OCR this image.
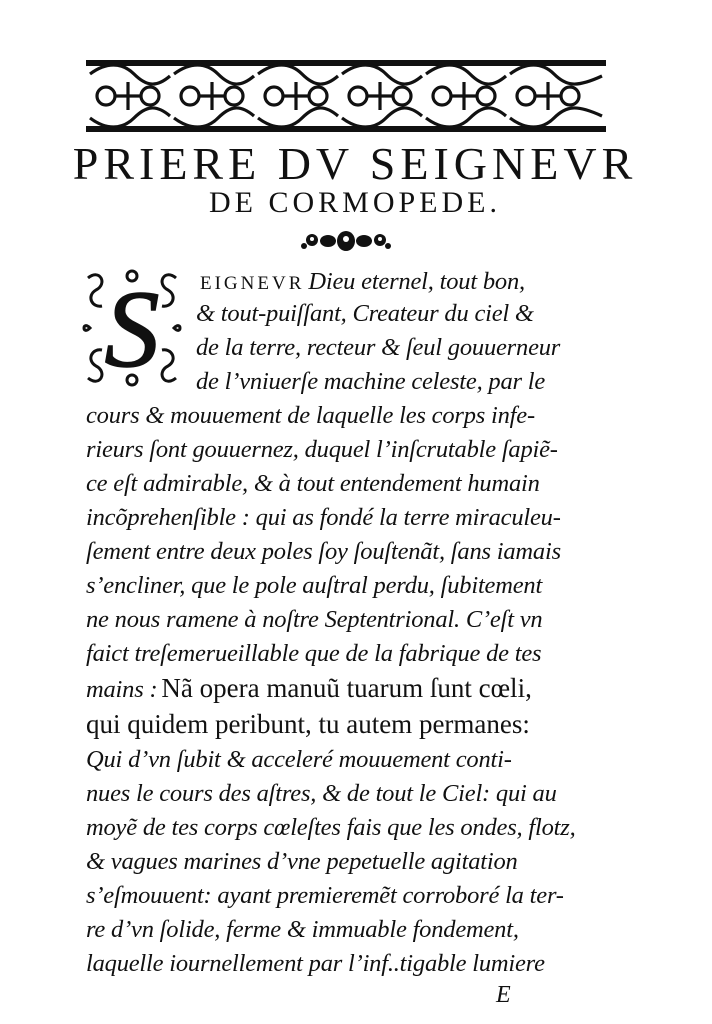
PRIERE DV SEIGNEVR
DE CORMOPEDE.
S EIGNEVR Dieu eternel, tout bon,
& tout-puiſſant, Createur du ciel &
de la terre, recteur & ſeul gouuerneur
de l’vniuerſe machine celeste, par le
cours & mouuement de laquelle les corps infe-
rieurs ſont gouuernez, duquel l’inſcrutable ſapiẽ-
ce eſt admirable, & à tout entendement humain
incõprehenſible : qui as fondé la terre miraculeu-
ſement entre deux poles ſoy ſouſtenãt, ſans iamais
s’encliner, que le pole auſtral perdu, ſubitement
ne nous ramene à noſtre Septentrional. C’eſt vn
faict treſemerueillable que de la fabrique de tes
mains : Nã opera manuũ tuarum ſunt cœli,
qui quidem peribunt, tu autem permanes:
Qui d’vn ſubit & acceleré mouuement conti-
nues le cours des aſtres, & de tout le Ciel: qui au
moyẽ de tes corps cœleſtes fais que les ondes, flotz,
& vagues marines d’vne pepetuelle agitation
s’eſmouuent: ayant premieremẽt corroboré la ter-
re d’vn ſolide, ferme & immuable fondement,
laquelle iournellement par l’inf..tigable lumiere
E
